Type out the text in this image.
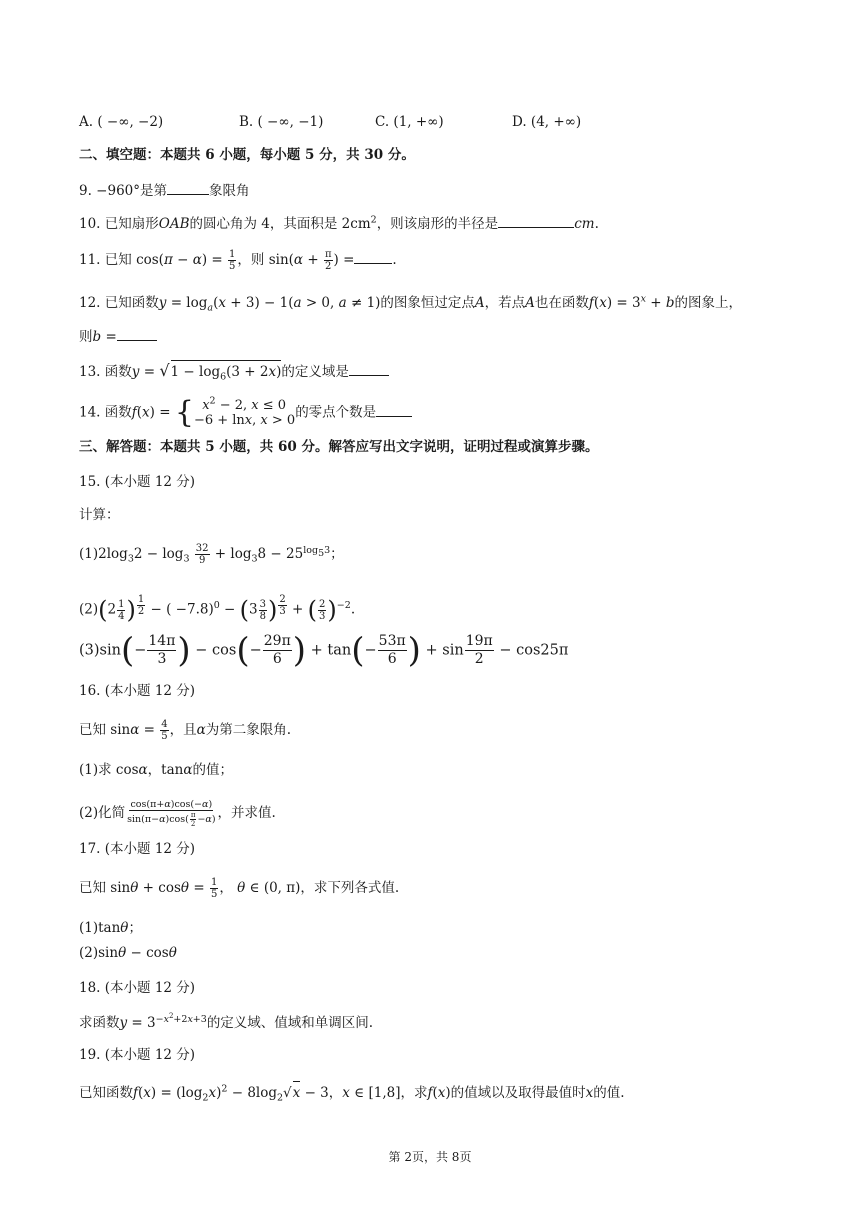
A. ( −∞, −2)	B. ( −∞, −1)	C. (1, +∞)	D. (4, +∞)
二、填空题：本题共 6 小题，每小题 5 分，共 30 分。
9. −960°是第	象限角
10. 已知扇形OAB的圆心角为 4，其面积是 $2cm^2$，则该扇形的半径是	cm.
11. 已知 $\cos(\pi - \alpha) = \frac{1}{5}$ ，则 $\sin(\alpha + \frac{\pi}{2}$ ) =	.
12. 已知函数$y = \log_a(x + 3) - 1(a > 0$, a ≠ 1)的图象恒过定点A，若点A也在函数$f(x) = 3^x + b$的图象上，
则b =
13. 函数$y = √1 - \log_6(3 + 2x)$的定义域是
14. 函数f(x) = { $x^2 - 2$, x ≤ 0
−6 + lnx, x > 0 的零点个数是
三、解答题：本题共 5 小题，共 60 分。解答应写出文字说明，证明过程或演算步骤。
15. (本小题 12 分)
计算：
$(1)2\log_32 - \log_3 \frac{32}{9} + \log_38 - 25^{log_53}$；
$(2)(2 \frac{1}{4}$ ) $^{\frac{1}{2}}$ − ( $-7.8)^0 - (3 \frac{3}{8}$ ) $^{\frac{2}{3}}$ + ( $\frac{2}{3} )^{-2}$.
$(3)\sin(- \frac{14\pi}{3}$ ) − $\cos(- \frac{29\pi}{6}$ ) + $\tan(- \frac{53\pi}{6}$ ) + $\sin \frac{19\pi}{2} - \cos 25\pi$
16. (本小题 12 分)
已知 $\sin\alpha = \frac{4}{5}$ ，且α为第二象限角.
(1)求 cosα，tanα的值；
(2)化简 $\frac{\cos(\pi+\alpha)\cos(-\alpha)}{\sin(\pi-\alpha)\cos( \frac{\pi}{2} -\alpha)}$ ，并求值.
17. (本小题 12 分)
已知 $\sin\theta + \cos\theta = \frac{1}{5}$ ， θ ∈ (0, π)，求下列各式值.
(1)tanθ；
(2)sinθ − cosθ
18. (本小题 12 分)
求函数$y = 3^{-x^2+2x+3}$的定义域、值域和单调区间.
19. (本小题 12 分)
已知函数$f(x) = (\log_2x)^2 - 8\log_2√x - 3$，x ∈ [1,8]，求f(x)的值域以及取得最值时x的值.
第 2页，共 8页
